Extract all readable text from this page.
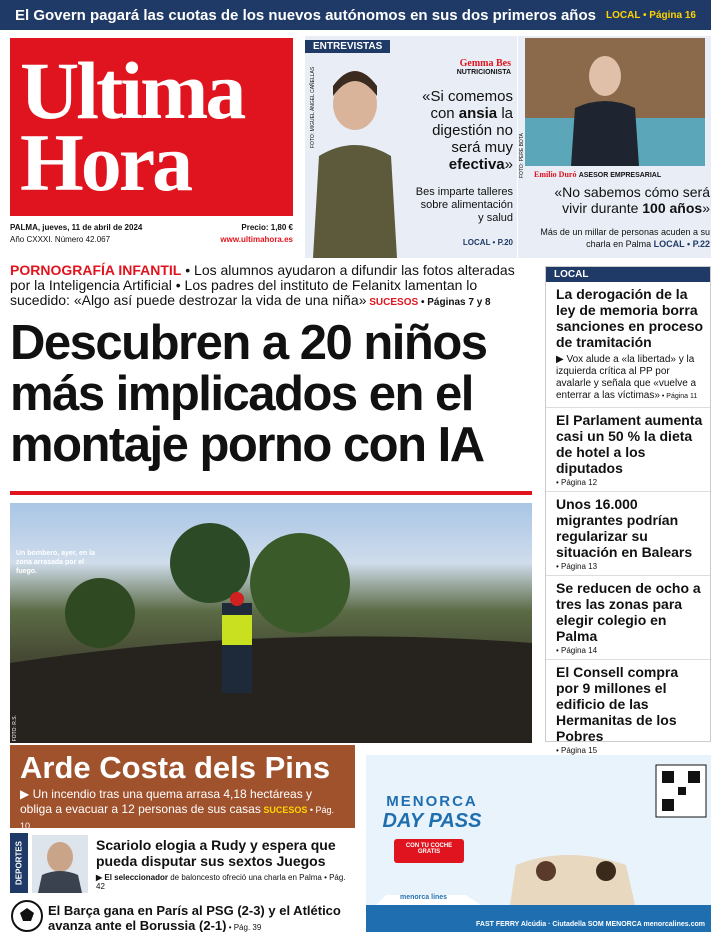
El Govern pagará las cuotas de los nuevos autónomos en sus dos primeros años LOCAL • Página 16
Ultima
Hora
PALMA, jueves, 11 de abril de 2024	Precio: 1,80 €
Año CXXXI. Número 42.067	www.ultimahora.es
ENTREVISTAS
FOTO: MIGUEL ÁNGEL CAÑELLAS
Gemma Bes
NUTRICIONISTA
«Si comemos con ansia la digestión no será muy efectiva»
Bes imparte talleres sobre alimentación y salud
LOCAL • P.20
FOTO: PERE BOTA Emilio Duró ASESOR EMPRESARIAL
«No sabemos cómo será vivir durante 100 años»
Más de un millar de personas acuden a su charla en Palma LOCAL • P.22
PORNOGRAFÍA INFANTIL • Los alumnos ayudaron a difundir las fotos alteradas por la Inteligencia Artificial • Los padres del instituto de Felanitx lamentan lo sucedido: «Algo así puede destrozar la vida de una niña» SUCESOS • Páginas 7 y 8
Descubren a 20 niños más implicados en el montaje porno con IA
Un bombero, ayer, en la zona arrasada por el fuego.
FOTO: R.S.
Arde Costa dels Pins
▶ Un incendio tras una quema arrasa 4,18 hectáreas y obliga a evacuar a 12 personas de sus casas SUCESOS • Pág. 10
LOCAL
La derogación de la ley de memoria borra sanciones en proceso de tramitación
▶ Vox alude a «la libertad» y la izquierda crítica al PP por avalarle y señala que «vuelve a enterrar a las víctimas» • Página 11
El Parlament aumenta casi un 50 % la dieta de hotel a los diputados
• Página 12
Unos 16.000 migrantes podrían regularizar su situación en Balears
• Página 13
Se reducen de ocho a tres las zonas para elegir colegio en Palma
• Página 14
El Consell compra por 9 millones el edificio de las Hermanitas de los Pobres
• Página 15
DEPORTES	Scariolo elogia a Rudy y espera que pueda disputar sus sextos Juegos
▶ El seleccionador de baloncesto ofreció una charla en Palma • Pág. 42
El Barça gana en París al PSG (2-3) y el Atlético avanza ante el Borussia (2-1) • Pág. 39
MENORCA
DAY PASS
CON TU COCHE
GRATIS
menorca lines
FAST FERRY Alcúdia · Ciutadella SOM MENORCA menorcalines.com
